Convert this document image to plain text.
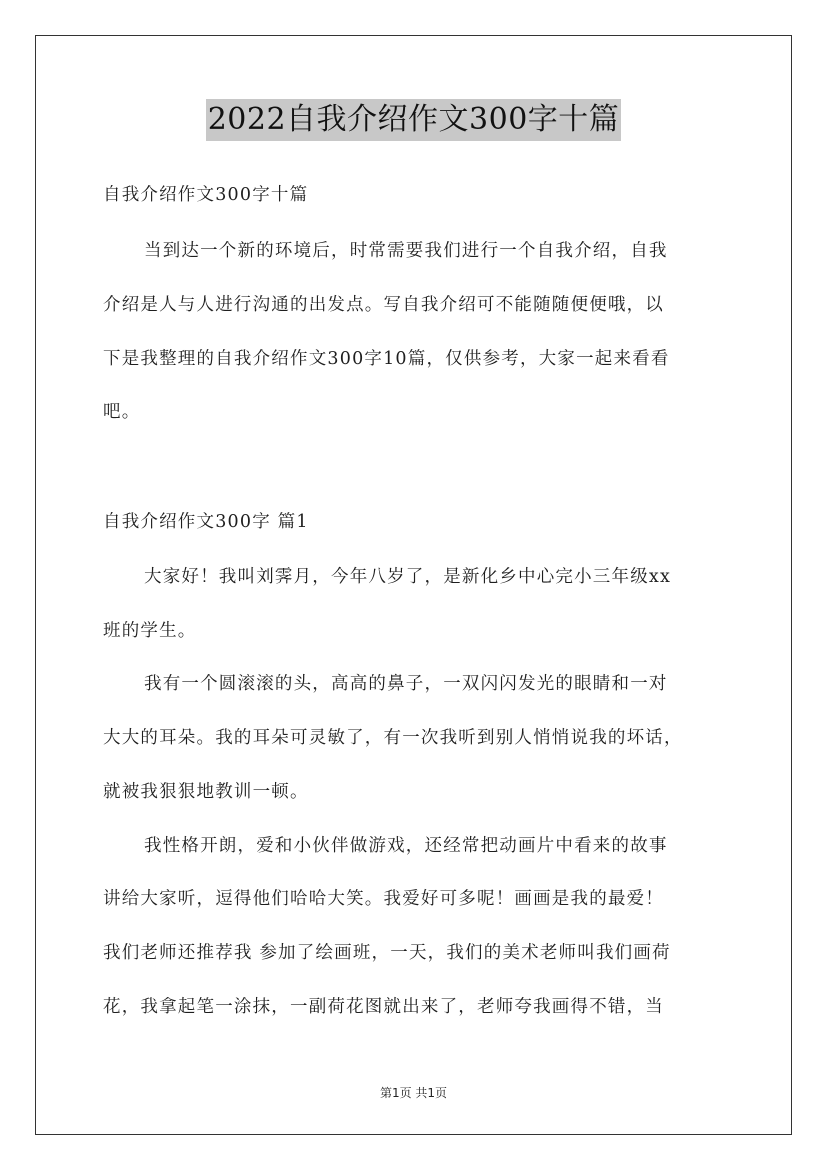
2022自我介绍作文300字十篇
自我介绍作文300字十篇
当到达一个新的环境后，时常需要我们进行一个自我介绍，自我
介绍是人与人进行沟通的出发点。写自我介绍可不能随随便便哦，以
下是我整理的自我介绍作文300字10篇，仅供参考，大家一起来看看
吧。
自我介绍作文300字 篇1
大家好！我叫刘霁月，今年八岁了，是新化乡中心完小三年级xx
班的学生。
我有一个圆滚滚的头，高高的鼻子，一双闪闪发光的眼睛和一对
大大的耳朵。我的耳朵可灵敏了，有一次我听到别人悄悄说我的坏话，
就被我狠狠地教训一顿。
我性格开朗，爱和小伙伴做游戏，还经常把动画片中看来的故事
讲给大家听，逗得他们哈哈大笑。我爱好可多呢！画画是我的最爱！
我们老师还推荐我 参加了绘画班，一天，我们的美术老师叫我们画荷
花，我拿起笔一涂抹，一副荷花图就出来了，老师夸我画得不错，当
第1页 共1页
